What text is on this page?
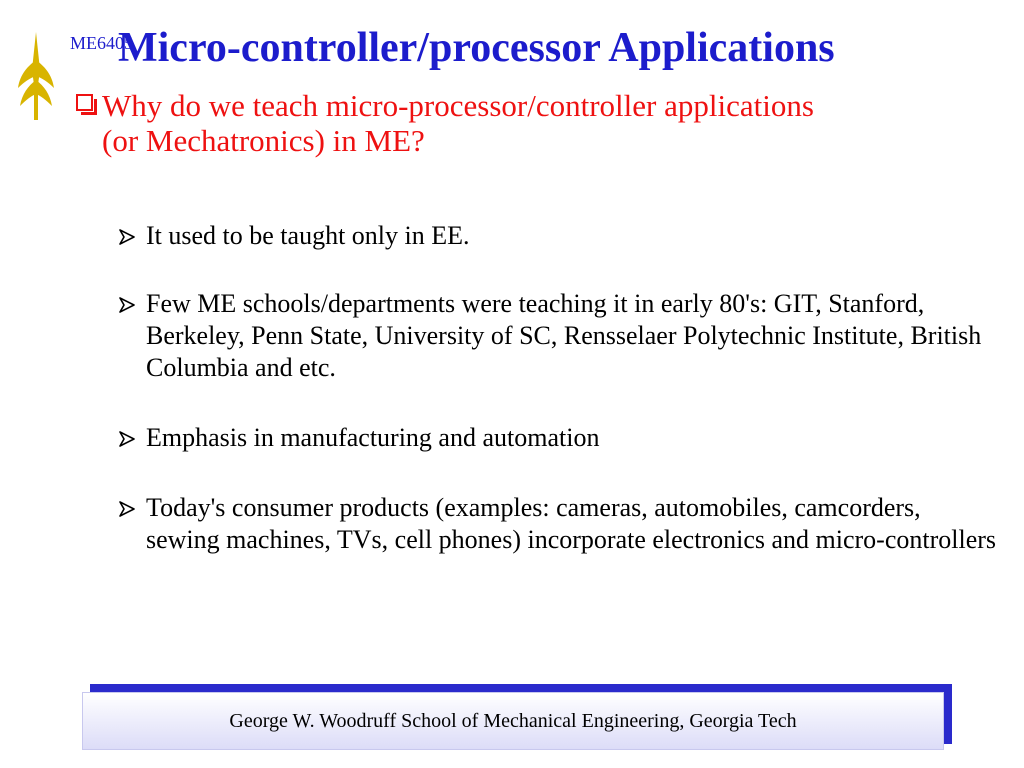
ME6405
Micro-controller/processor Applications
Why do we teach micro-processor/controller applications (or Mechatronics) in ME?
It used to be taught only in EE.
Few ME schools/departments were teaching it in early 80's: GIT, Stanford, Berkeley, Penn State, University of SC, Rensselaer Polytechnic Institute, British Columbia and etc.
Emphasis in manufacturing and automation
Today's consumer products (examples: cameras, automobiles, camcorders, sewing machines, TVs, cell phones) incorporate electronics and micro-controllers
George W. Woodruff School of Mechanical Engineering, Georgia Tech
